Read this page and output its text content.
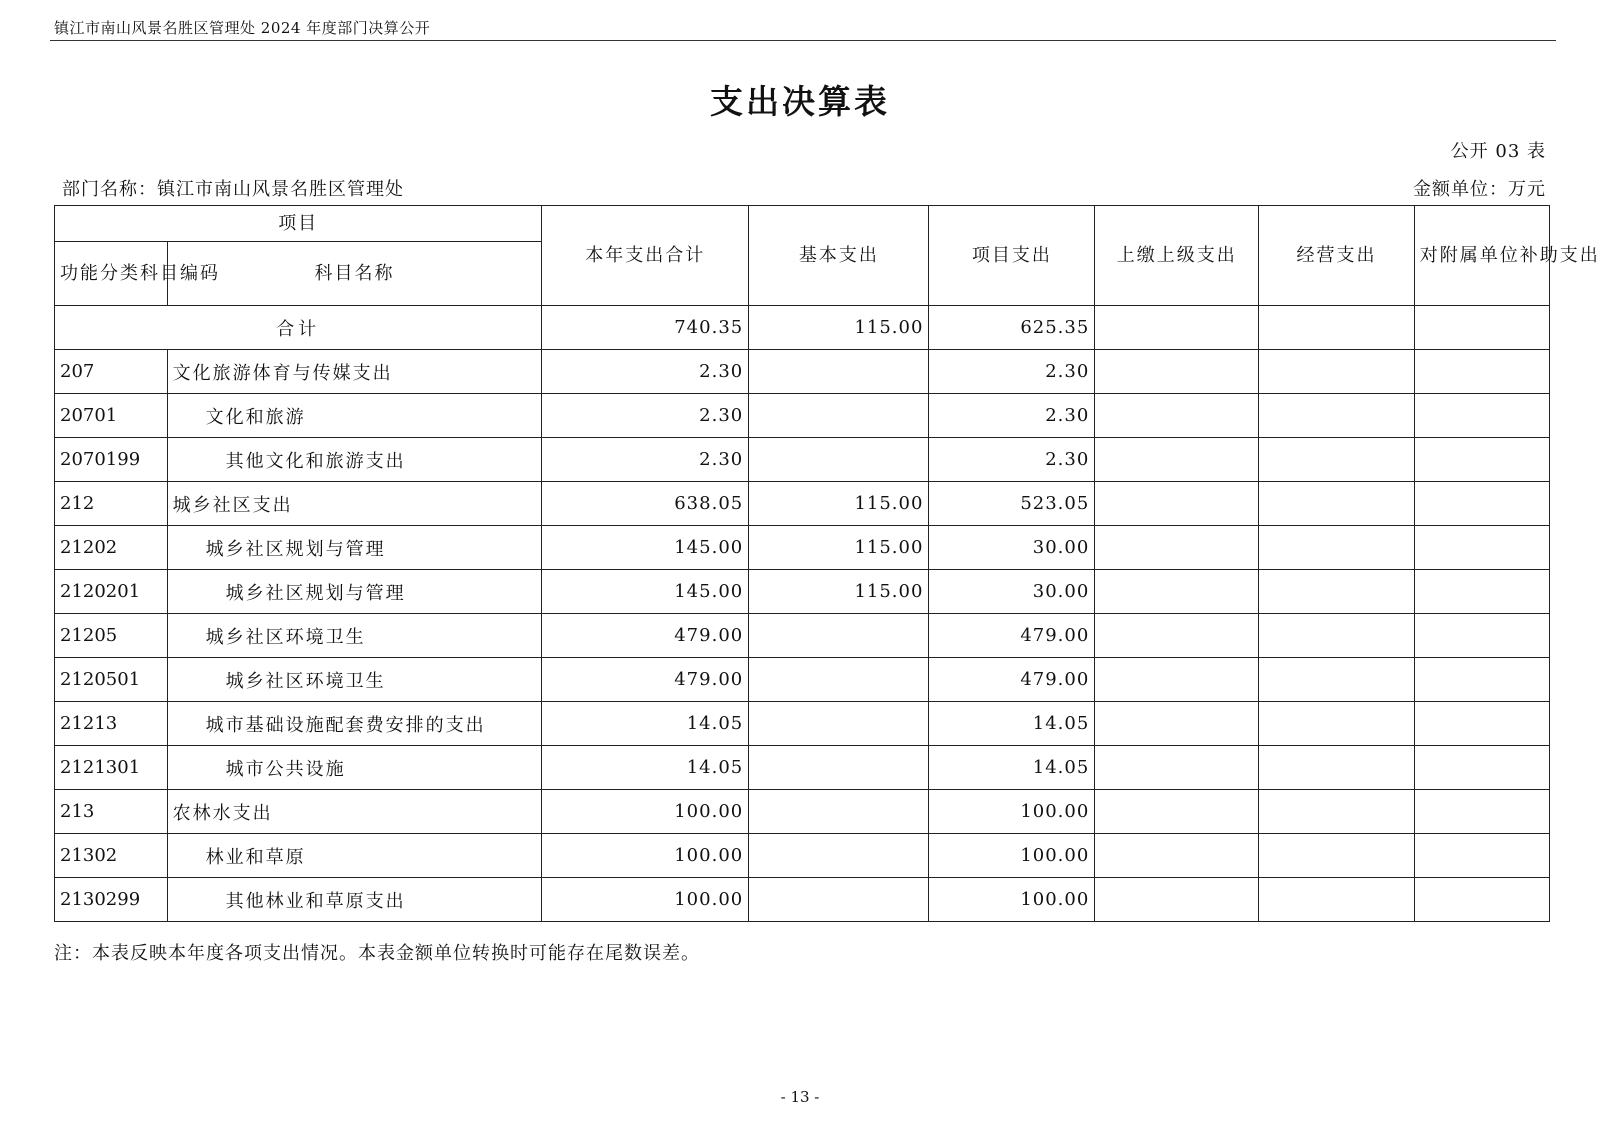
镇江市南山风景名胜区管理处 2024 年度部门决算公开
支出决算表
公开 03 表
部门名称：镇江市南山风景名胜区管理处	金额单位：万元
项目		本年支出合计	基本支出	项目支出	上缴上级支出	经营支出	对附属单位补助支出
功能分类科目编码	科目名称						
合计		740.35	115.00	625.35			
207	文化旅游体育与传媒支出	2.30		2.30			
20701	文化和旅游	2.30		2.30			
2070199	其他文化和旅游支出	2.30		2.30			
212	城乡社区支出	638.05	115.00	523.05			
21202	城乡社区规划与管理	145.00	115.00	30.00			
2120201	城乡社区规划与管理	145.00	115.00	30.00			
21205	城乡社区环境卫生	479.00		479.00			
2120501	城乡社区环境卫生	479.00		479.00			
21213	城市基础设施配套费安排的支出	14.05		14.05			
2121301	城市公共设施	14.05		14.05			
213	农林水支出	100.00		100.00			
21302	林业和草原	100.00		100.00			
2130299	其他林业和草原支出	100.00		100.00			
注：本表反映本年度各项支出情况。本表金额单位转换时可能存在尾数误差。
- 13 -
